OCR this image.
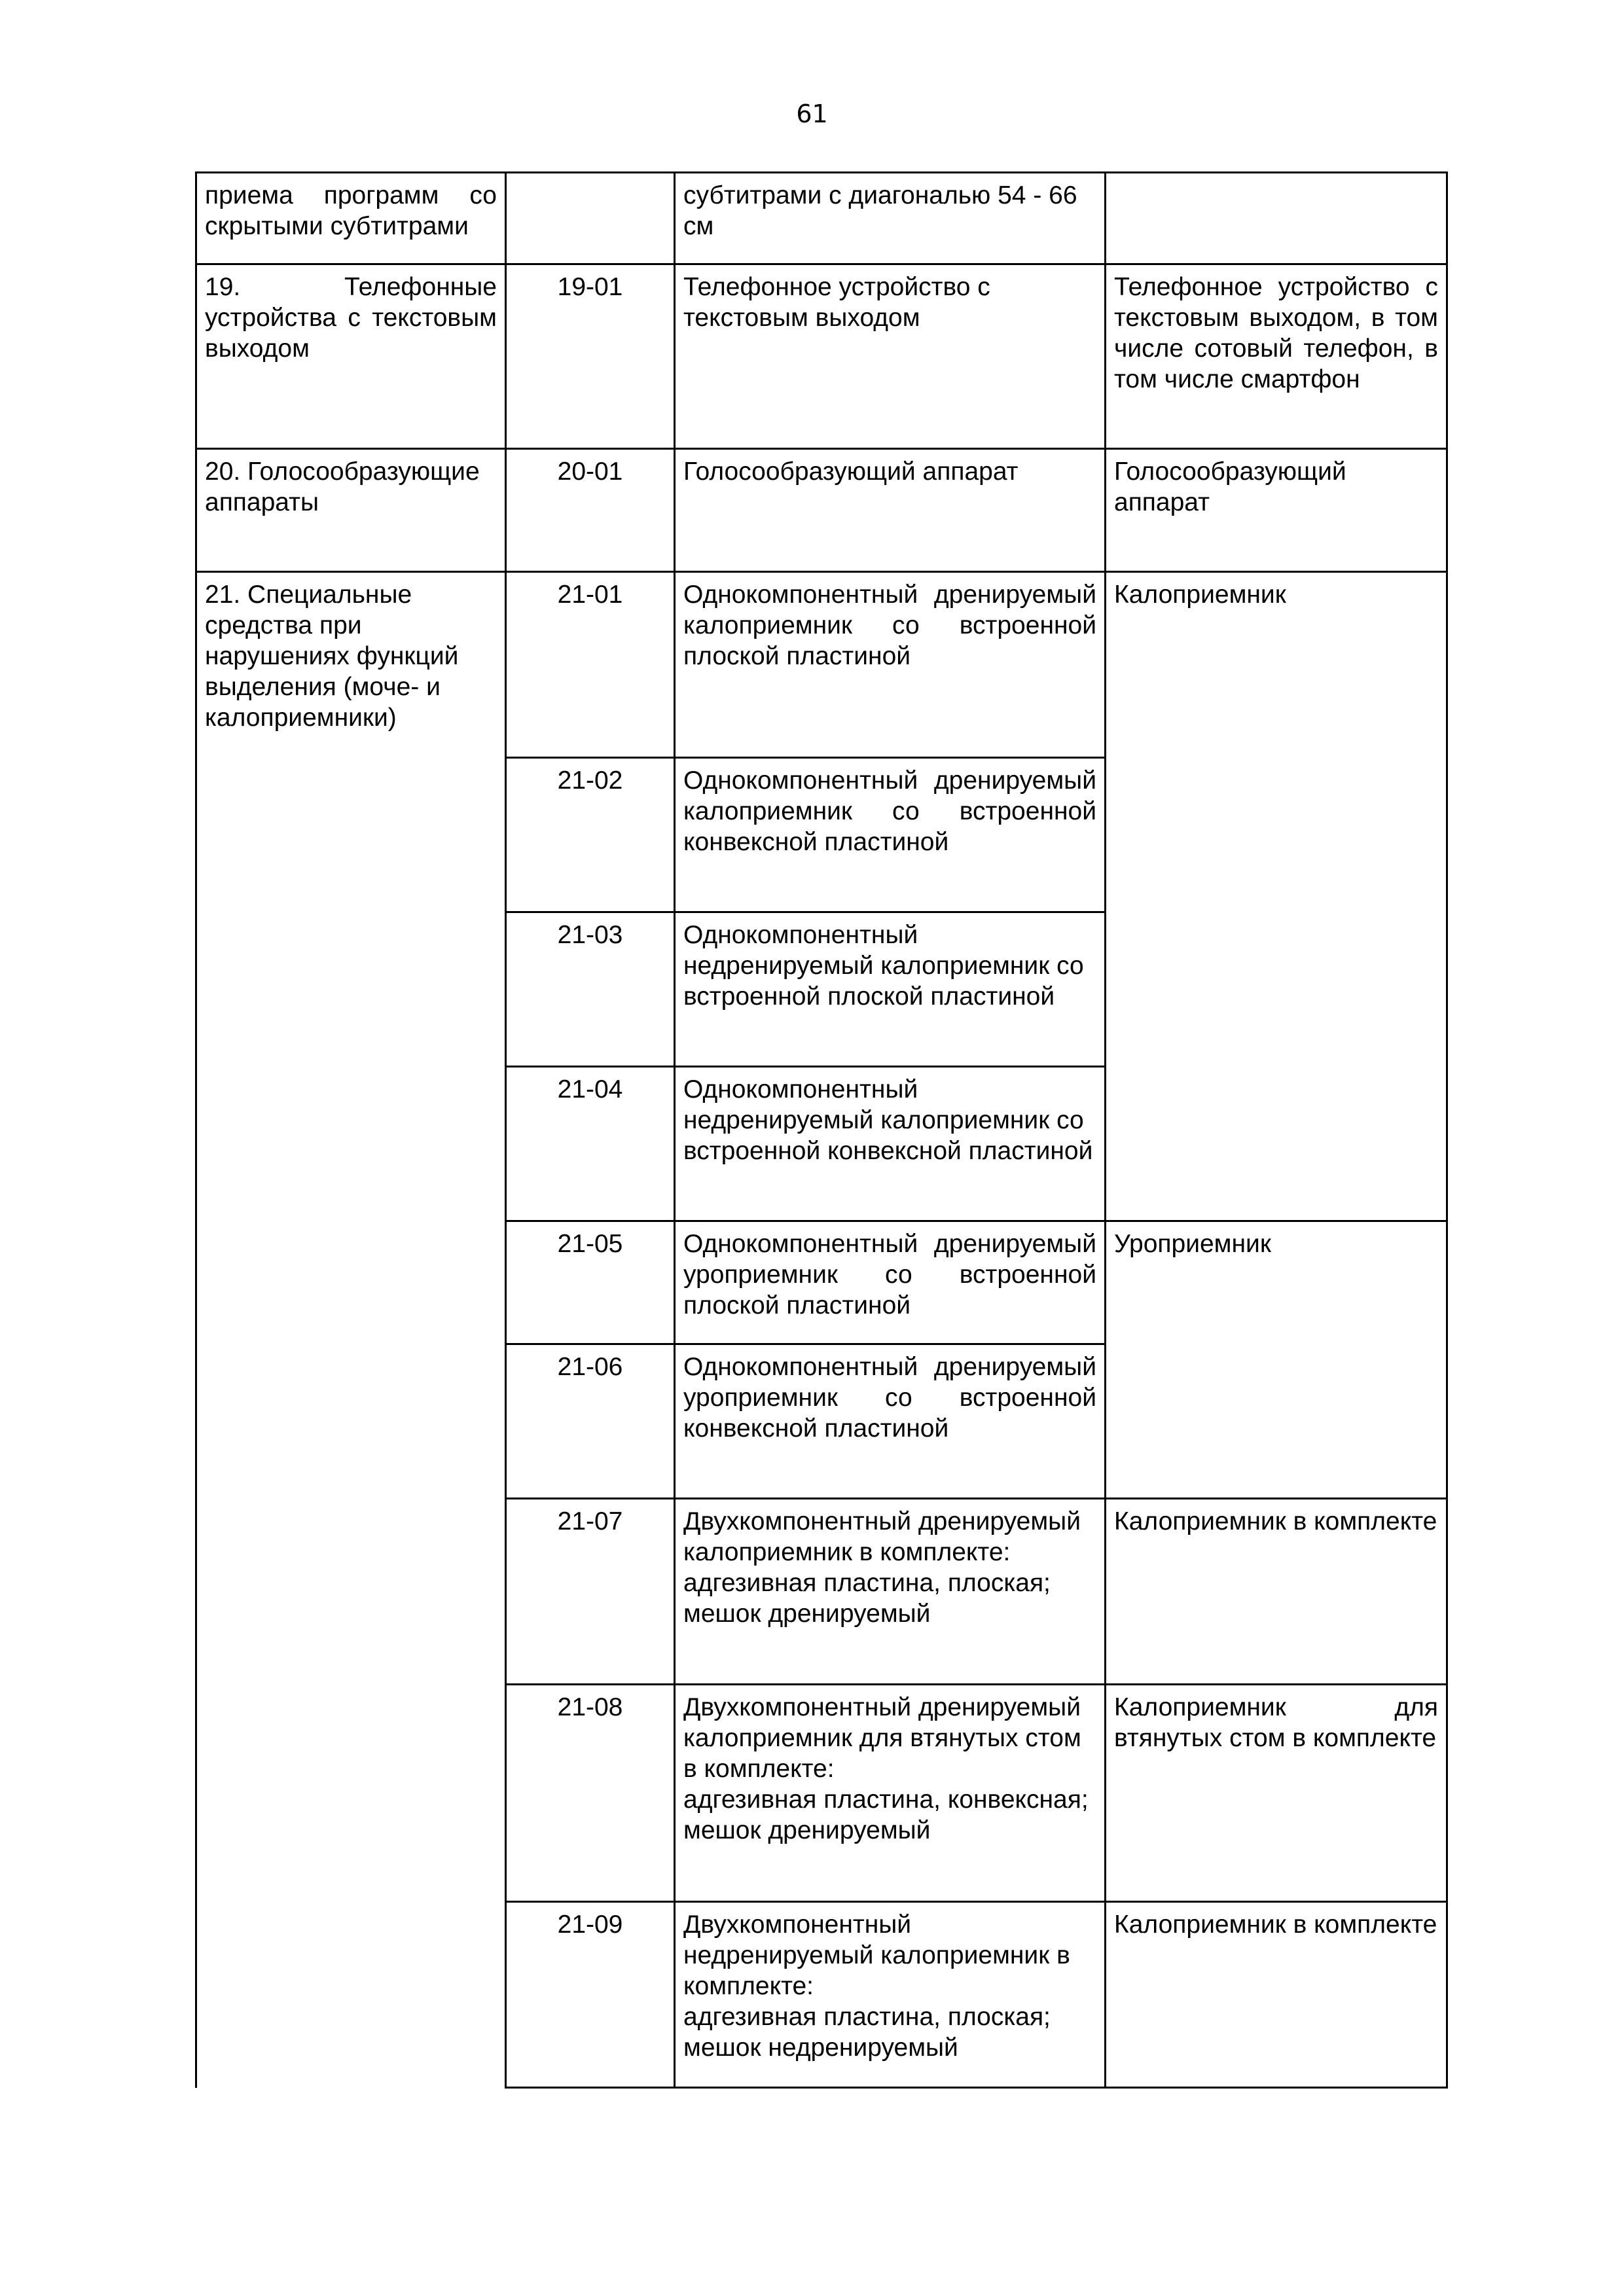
61
приема программ со скрытыми субтитрами		субтитрами с диагональю 54 - 66 см	
19. Телефонные устройства с текстовым выходом	19-01	Телефонное устройство с текстовым выходом	Телефонное устройство с текстовым выходом, в том числе сотовый телефон, в том числе смартфон
20. Голосообразующие аппараты	20-01	Голосообразующий аппарат	Голосообразующий аппарат
21. Специальные средства при нарушениях функций выделения (моче- и калоприемники)	21-01	Однокомпонентный дренируемый калоприемник со встроенной плоской пластиной	Калоприемник
	21-02	Однокомпонентный дренируемый калоприемник со встроенной конвексной пластиной	
	21-03	Однокомпонентный недренируемый калоприемник со встроенной плоской пластиной	
	21-04	Однокомпонентный недренируемый калоприемник со встроенной конвексной пластиной	
	21-05	Однокомпонентный дренируемый уроприемник со встроенной плоской пластиной	Уроприемник
	21-06	Однокомпонентный дренируемый уроприемник со встроенной конвексной пластиной	
	21-07	Двухкомпонентный дренируемый калоприемник в комплекте:
адгезивная пластина, плоская;
мешок дренируемый	Калоприемник в комплекте
	21-08	Двухкомпонентный дренируемый калоприемник для втянутых стом в комплекте:
адгезивная пластина, конвексная;
мешок дренируемый	Калоприемник для втянутых стом в комплекте
	21-09	Двухкомпонентный недренируемый калоприемник в комплекте:
адгезивная пластина, плоская;
мешок недренируемый	Калоприемник в комплекте
